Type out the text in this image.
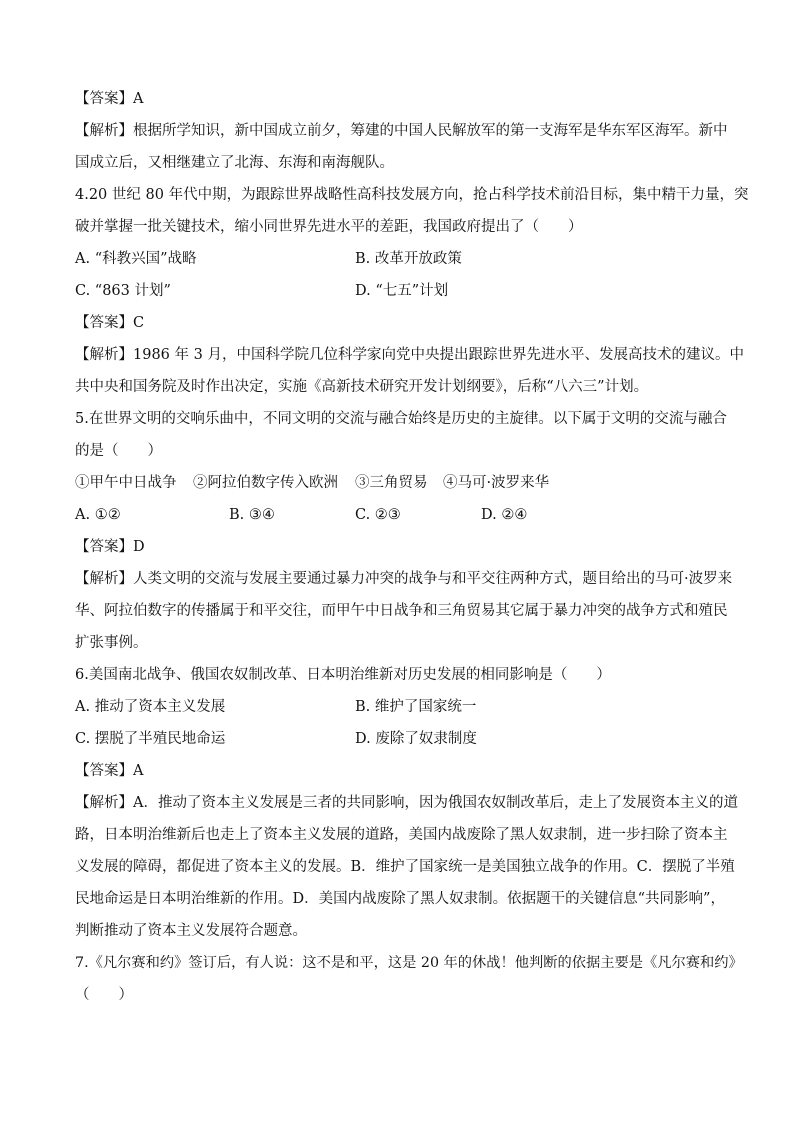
【答案】A
【解析】根据所学知识，新中国成立前夕，筹建的中国人民解放军的第一支海军是华东军区海军。新中
国成立后，又相继建立了北海、东海和南海舰队。
4.20 世纪 80 年代中期，为跟踪世界战略性高科技发展方向，抢占科学技术前沿目标，集中精干力量，突
破并掌握一批关键技术，缩小同世界先进水平的差距，我国政府提出了（　　）
A. “科教兴国”战略	B. 改革开放政策
C. “863 计划”	D. “七五”计划
【答案】C
【解析】1986 年 3 月，中国科学院几位科学家向党中央提出跟踪世界先进水平、发展高技术的建议。中
共中央和国务院及时作出决定，实施《高新技术研究开发计划纲要》，后称“八六三”计划。
5.在世界文明的交响乐曲中，不同文明的交流与融合始终是历史的主旋律。以下属于文明的交流与融合
的是（　　）
①甲午中日战争 ②阿拉伯数字传入欧洲 ③三角贸易 ④马可·波罗来华
A. ①②	B. ③④	C. ②③	D. ②④
【答案】D
【解析】人类文明的交流与发展主要通过暴力冲突的战争与和平交往两种方式，题目给出的马可·波罗来
华、阿拉伯数字的传播属于和平交往，而甲午中日战争和三角贸易其它属于暴力冲突的战争方式和殖民
扩张事例。
6.美国南北战争、俄国农奴制改革、日本明治维新对历史发展的相同影响是（　　）
A. 推动了资本主义发展	B. 维护了国家统一
C. 摆脱了半殖民地命运	D. 废除了奴隶制度
【答案】A
【解析】A．推动了资本主义发展是三者的共同影响，因为俄国农奴制改革后，走上了发展资本主义的道
路，日本明治维新后也走上了资本主义发展的道路，美国内战废除了黑人奴隶制，进一步扫除了资本主
义发展的障碍，都促进了资本主义的发展。B．维护了国家统一是美国独立战争的作用。C．摆脱了半殖
民地命运是日本明治维新的作用。D．美国内战废除了黑人奴隶制。依据题干的关键信息“共同影响”，
判断推动了资本主义发展符合题意。
7.《凡尔赛和约》签订后，有人说：这不是和平，这是 20 年的休战！他判断的依据主要是《凡尔赛和约》
（　　）
